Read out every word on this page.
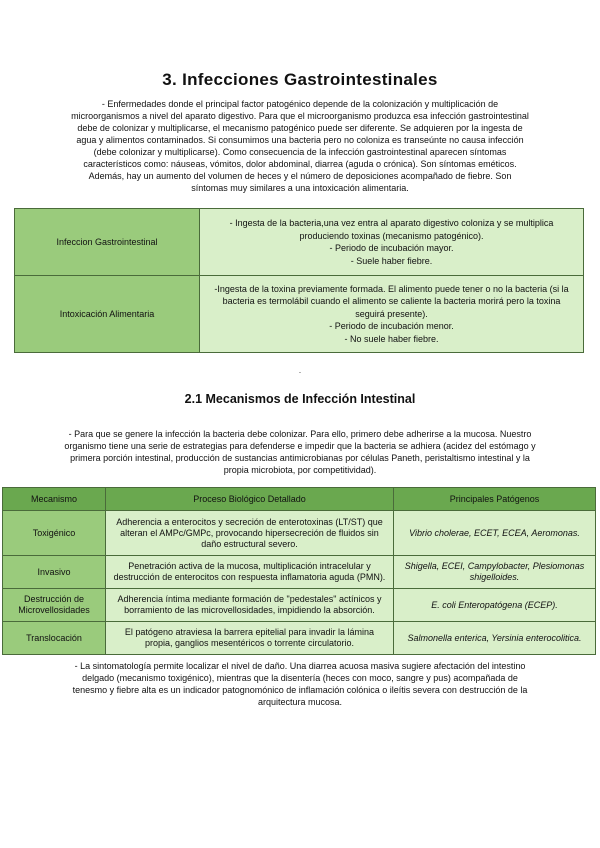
3. Infecciones Gastrointestinales
- Enfermedades donde el principal factor patogénico depende de la colonización y multiplicación de microorganismos a nivel del aparato digestivo. Para que el microorganismo produzca esa infección gastrointestinal debe de colonizar y multiplicarse, el mecanismo patogénico puede ser diferente. Se adquieren por la ingesta de agua y alimentos contaminados. Si consumimos una bacteria pero no coloniza es transeúnte no causa infección (debe colonizar y multiplicarse). Como consecuencia de la infección gastrointestinal aparecen síntomas característicos como: náuseas, vómitos, dolor abdominal, diarrea (aguda o crónica). Son síntomas eméticos. Además, hay un aumento del volumen de heces y el número de deposiciones acompañado de fiebre. Son síntomas muy similares a una intoxicación alimentaria.
Infeccion Gastrointestinal	- Ingesta de la bacteria,una vez entra al aparato digestivo coloniza y se multiplica produciendo toxinas (mecanismo patogénico).

- Periodo de incubación mayor.

- Suele haber fiebre.

Intoxicación Alimentaria	-Ingesta de la toxina previamente formada. El alimento puede tener o no la bacteria (si la bacteria es termolábil cuando el alimento se caliente la bacteria morirá pero la toxina seguirá presente).

- Periodo de incubación menor.

- No suele haber fiebre.

.
2.1 Mecanismos de Infección Intestinal
- Para que se genere la infección la bacteria debe colonizar. Para ello, primero debe adherirse a la mucosa. Nuestro organismo tiene una serie de estrategias para defenderse e impedir que la bacteria se adhiera (acidez del estómago y primera porción intestinal, producción de sustancias antimicrobianas por células Paneth, peristaltismo intestinal y la propia microbiota, por competitividad).
Mecanismo	Proceso Biológico Detallado	Principales Patógenos
Toxigénico	Adherencia a enterocitos y secreción de enterotoxinas (LT/ST) que alteran el AMPc/GMPc, provocando hipersecreción de fluidos sin daño estructural severo.	Vibrio cholerae, ECET, ECEA, Aeromonas.
Invasivo	Penetración activa de la mucosa, multiplicación intracelular y destrucción de enterocitos con respuesta inflamatoria aguda (PMN).	Shigella, ECEI, Campylobacter, Plesiomonas shigelloides.
Destrucción de Microvellosidades	Adherencia íntima mediante formación de "pedestales" actínicos y borramiento de las microvellosidades, impidiendo la absorción.	E. coli Enteropatógena (ECEP).
Translocación	El patógeno atraviesa la barrera epitelial para invadir la lámina propia, ganglios mesentéricos o torrente circulatorio.	Salmonella enterica, Yersinia enterocolitica.
- La sintomatología permite localizar el nivel de daño. Una diarrea acuosa masiva sugiere afectación del intestino delgado (mecanismo toxigénico), mientras que la disentería (heces con moco, sangre y pus) acompañada de tenesmo y fiebre alta es un indicador patognomónico de inflamación colónica o ileítis severa con destrucción de la arquitectura mucosa.
